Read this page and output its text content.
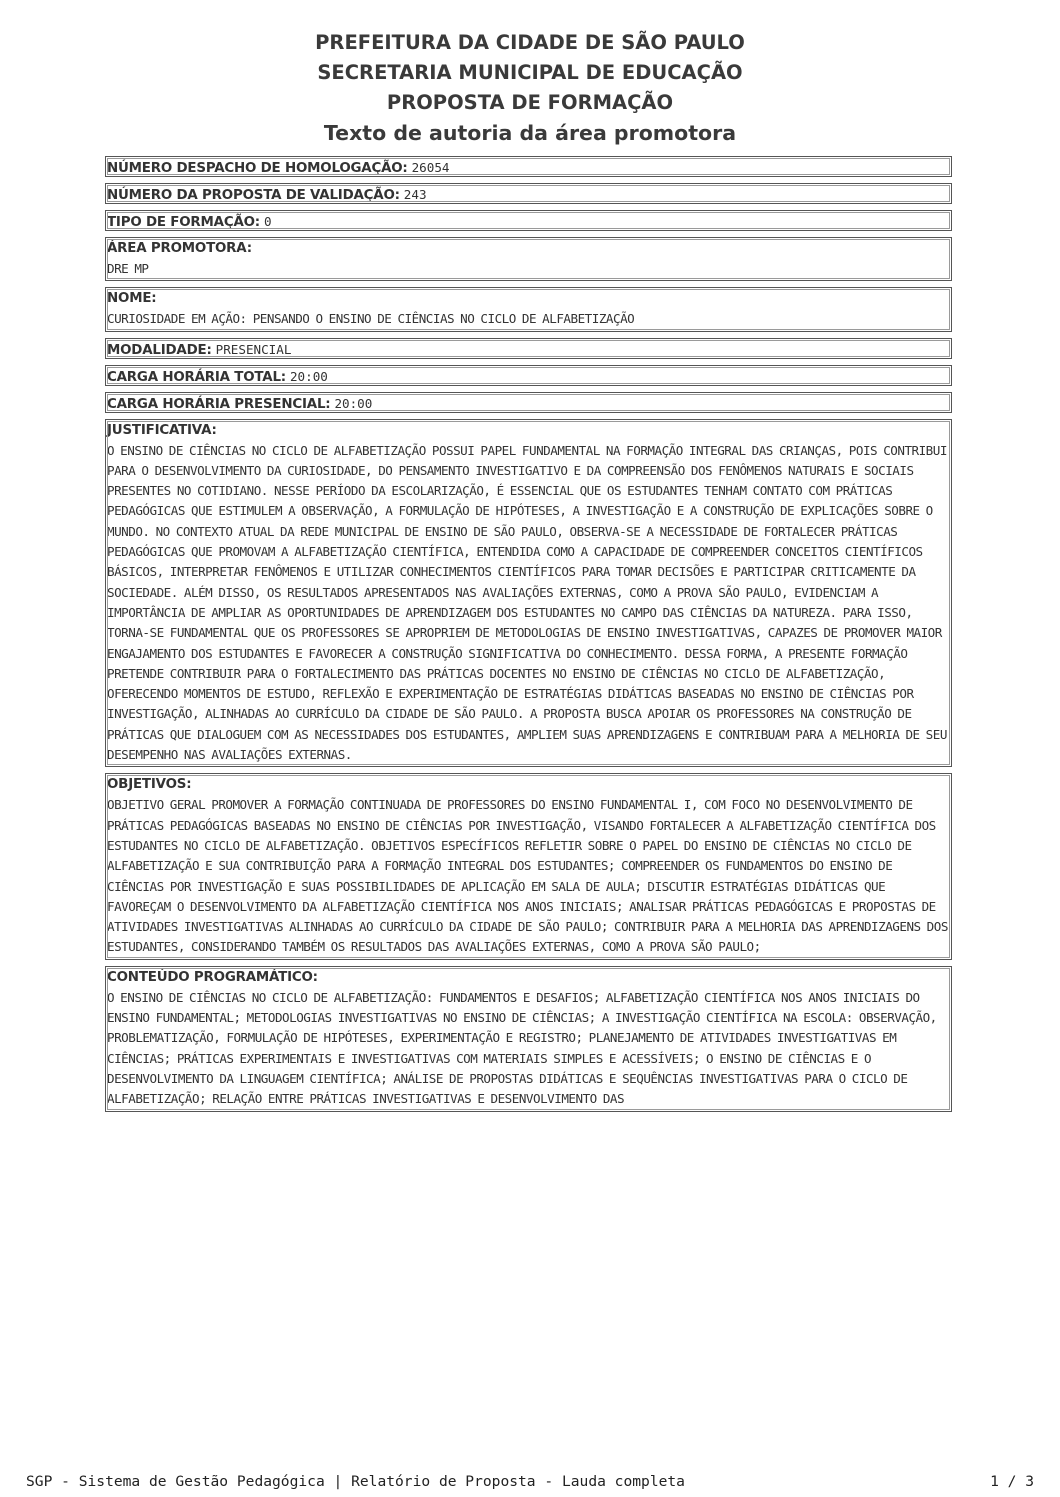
PREFEITURA DA CIDADE DE SÃO PAULO
SECRETARIA MUNICIPAL DE EDUCAÇÃO
PROPOSTA DE FORMAÇÃO
Texto de autoria da área promotora
NÚMERO DESPACHO DE HOMOLOGAÇÃO: 26054
NÚMERO DA PROPOSTA DE VALIDAÇÃO: 243
TIPO DE FORMAÇÃO: 0
ÁREA PROMOTORA:
DRE MP
NOME:
CURIOSIDADE EM AÇÃO: PENSANDO O ENSINO DE CIÊNCIAS NO CICLO DE ALFABETIZAÇÃO
MODALIDADE: PRESENCIAL
CARGA HORÁRIA TOTAL: 20:00
CARGA HORÁRIA PRESENCIAL: 20:00
JUSTIFICATIVA:
O ENSINO DE CIÊNCIAS NO CICLO DE ALFABETIZAÇÃO POSSUI PAPEL FUNDAMENTAL NA FORMAÇÃO INTEGRAL DAS CRIANÇAS, POIS CONTRIBUI PARA O DESENVOLVIMENTO DA CURIOSIDADE, DO PENSAMENTO INVESTIGATIVO E DA COMPREENSÃO DOS FENÔMENOS NATURAIS E SOCIAIS PRESENTES NO COTIDIANO. NESSE PERÍODO DA ESCOLARIZAÇÃO, É ESSENCIAL QUE OS ESTUDANTES TENHAM CONTATO COM PRÁTICAS PEDAGÓGICAS QUE ESTIMULEM A OBSERVAÇÃO, A FORMULAÇÃO DE HIPÓTESES, A INVESTIGAÇÃO E A CONSTRUÇÃO DE EXPLICAÇÕES SOBRE O MUNDO. NO CONTEXTO ATUAL DA REDE MUNICIPAL DE ENSINO DE SÃO PAULO, OBSERVA-SE A NECESSIDADE DE FORTALECER PRÁTICAS PEDAGÓGICAS QUE PROMOVAM A ALFABETIZAÇÃO CIENTÍFICA, ENTENDIDA COMO A CAPACIDADE DE COMPREENDER CONCEITOS CIENTÍFICOS BÁSICOS, INTERPRETAR FENÔMENOS E UTILIZAR CONHECIMENTOS CIENTÍFICOS PARA TOMAR DECISÕES E PARTICIPAR CRITICAMENTE DA SOCIEDADE. ALÉM DISSO, OS RESULTADOS APRESENTADOS NAS AVALIAÇÕES EXTERNAS, COMO A PROVA SÃO PAULO, EVIDENCIAM A IMPORTÂNCIA DE AMPLIAR AS OPORTUNIDADES DE APRENDIZAGEM DOS ESTUDANTES NO CAMPO DAS CIÊNCIAS DA NATUREZA. PARA ISSO, TORNA-SE FUNDAMENTAL QUE OS PROFESSORES SE APROPRIEM DE METODOLOGIAS DE ENSINO INVESTIGATIVAS, CAPAZES DE PROMOVER MAIOR ENGAJAMENTO DOS ESTUDANTES E FAVORECER A CONSTRUÇÃO SIGNIFICATIVA DO CONHECIMENTO. DESSA FORMA, A PRESENTE FORMAÇÃO PRETENDE CONTRIBUIR PARA O FORTALECIMENTO DAS PRÁTICAS DOCENTES NO ENSINO DE CIÊNCIAS NO CICLO DE ALFABETIZAÇÃO, OFERECENDO MOMENTOS DE ESTUDO, REFLEXÃO E EXPERIMENTAÇÃO DE ESTRATÉGIAS DIDÁTICAS BASEADAS NO ENSINO DE CIÊNCIAS POR INVESTIGAÇÃO, ALINHADAS AO CURRÍCULO DA CIDADE DE SÃO PAULO. A PROPOSTA BUSCA APOIAR OS PROFESSORES NA CONSTRUÇÃO DE PRÁTICAS QUE DIALOGUEM COM AS NECESSIDADES DOS ESTUDANTES, AMPLIEM SUAS APRENDIZAGENS E CONTRIBUAM PARA A MELHORIA DE SEU DESEMPENHO NAS AVALIAÇÕES EXTERNAS.
OBJETIVOS:
OBJETIVO GERAL PROMOVER A FORMAÇÃO CONTINUADA DE PROFESSORES DO ENSINO FUNDAMENTAL I, COM FOCO NO DESENVOLVIMENTO DE PRÁTICAS PEDAGÓGICAS BASEADAS NO ENSINO DE CIÊNCIAS POR INVESTIGAÇÃO, VISANDO FORTALECER A ALFABETIZAÇÃO CIENTÍFICA DOS ESTUDANTES NO CICLO DE ALFABETIZAÇÃO. OBJETIVOS ESPECÍFICOS REFLETIR SOBRE O PAPEL DO ENSINO DE CIÊNCIAS NO CICLO DE ALFABETIZAÇÃO E SUA CONTRIBUIÇÃO PARA A FORMAÇÃO INTEGRAL DOS ESTUDANTES; COMPREENDER OS FUNDAMENTOS DO ENSINO DE CIÊNCIAS POR INVESTIGAÇÃO E SUAS POSSIBILIDADES DE APLICAÇÃO EM SALA DE AULA; DISCUTIR ESTRATÉGIAS DIDÁTICAS QUE FAVOREÇAM O DESENVOLVIMENTO DA ALFABETIZAÇÃO CIENTÍFICA NOS ANOS INICIAIS; ANALISAR PRÁTICAS PEDAGÓGICAS E PROPOSTAS DE ATIVIDADES INVESTIGATIVAS ALINHADAS AO CURRÍCULO DA CIDADE DE SÃO PAULO; CONTRIBUIR PARA A MELHORIA DAS APRENDIZAGENS DOS ESTUDANTES, CONSIDERANDO TAMBÉM OS RESULTADOS DAS AVALIAÇÕES EXTERNAS, COMO A PROVA SÃO PAULO;
CONTEÚDO PROGRAMÁTICO:
O ENSINO DE CIÊNCIAS NO CICLO DE ALFABETIZAÇÃO: FUNDAMENTOS E DESAFIOS; ALFABETIZAÇÃO CIENTÍFICA NOS ANOS INICIAIS DO ENSINO FUNDAMENTAL; METODOLOGIAS INVESTIGATIVAS NO ENSINO DE CIÊNCIAS; A INVESTIGAÇÃO CIENTÍFICA NA ESCOLA: OBSERVAÇÃO, PROBLEMATIZAÇÃO, FORMULAÇÃO DE HIPÓTESES, EXPERIMENTAÇÃO E REGISTRO; PLANEJAMENTO DE ATIVIDADES INVESTIGATIVAS EM CIÊNCIAS; PRÁTICAS EXPERIMENTAIS E INVESTIGATIVAS COM MATERIAIS SIMPLES E ACESSÍVEIS; O ENSINO DE CIÊNCIAS E O DESENVOLVIMENTO DA LINGUAGEM CIENTÍFICA; ANÁLISE DE PROPOSTAS DIDÁTICAS E SEQUÊNCIAS INVESTIGATIVAS PARA O CICLO DE ALFABETIZAÇÃO; RELAÇÃO ENTRE PRÁTICAS INVESTIGATIVAS E DESENVOLVIMENTO DAS
SGP - Sistema de Gestão Pedagógica | Relatório de Proposta - Lauda completa	1 / 3
